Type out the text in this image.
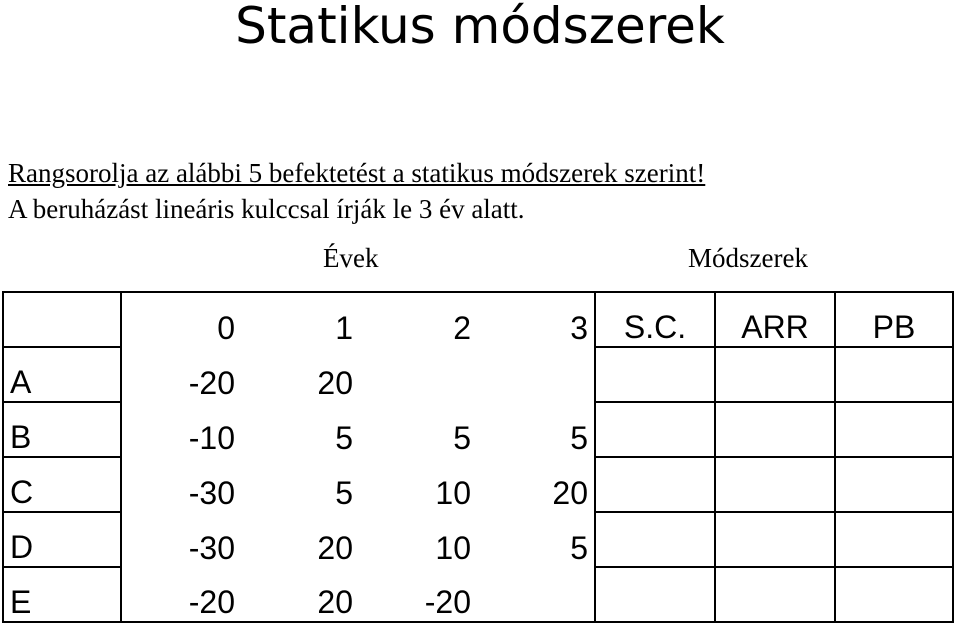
Statikus módszerek
Rangsorolja az alábbi 5 befektetést a statikus módszerek szerint!
A beruházást lineáris kulccsal írják le 3 év alatt.
Évek	Módszerek
	0	1	2	3	S.C.	ARR	PB
A	-20	20					
B	-10	5	5	5			
C	-30	5	10	20			
D	-30	20	10	5			
E	-20	20	-20				
